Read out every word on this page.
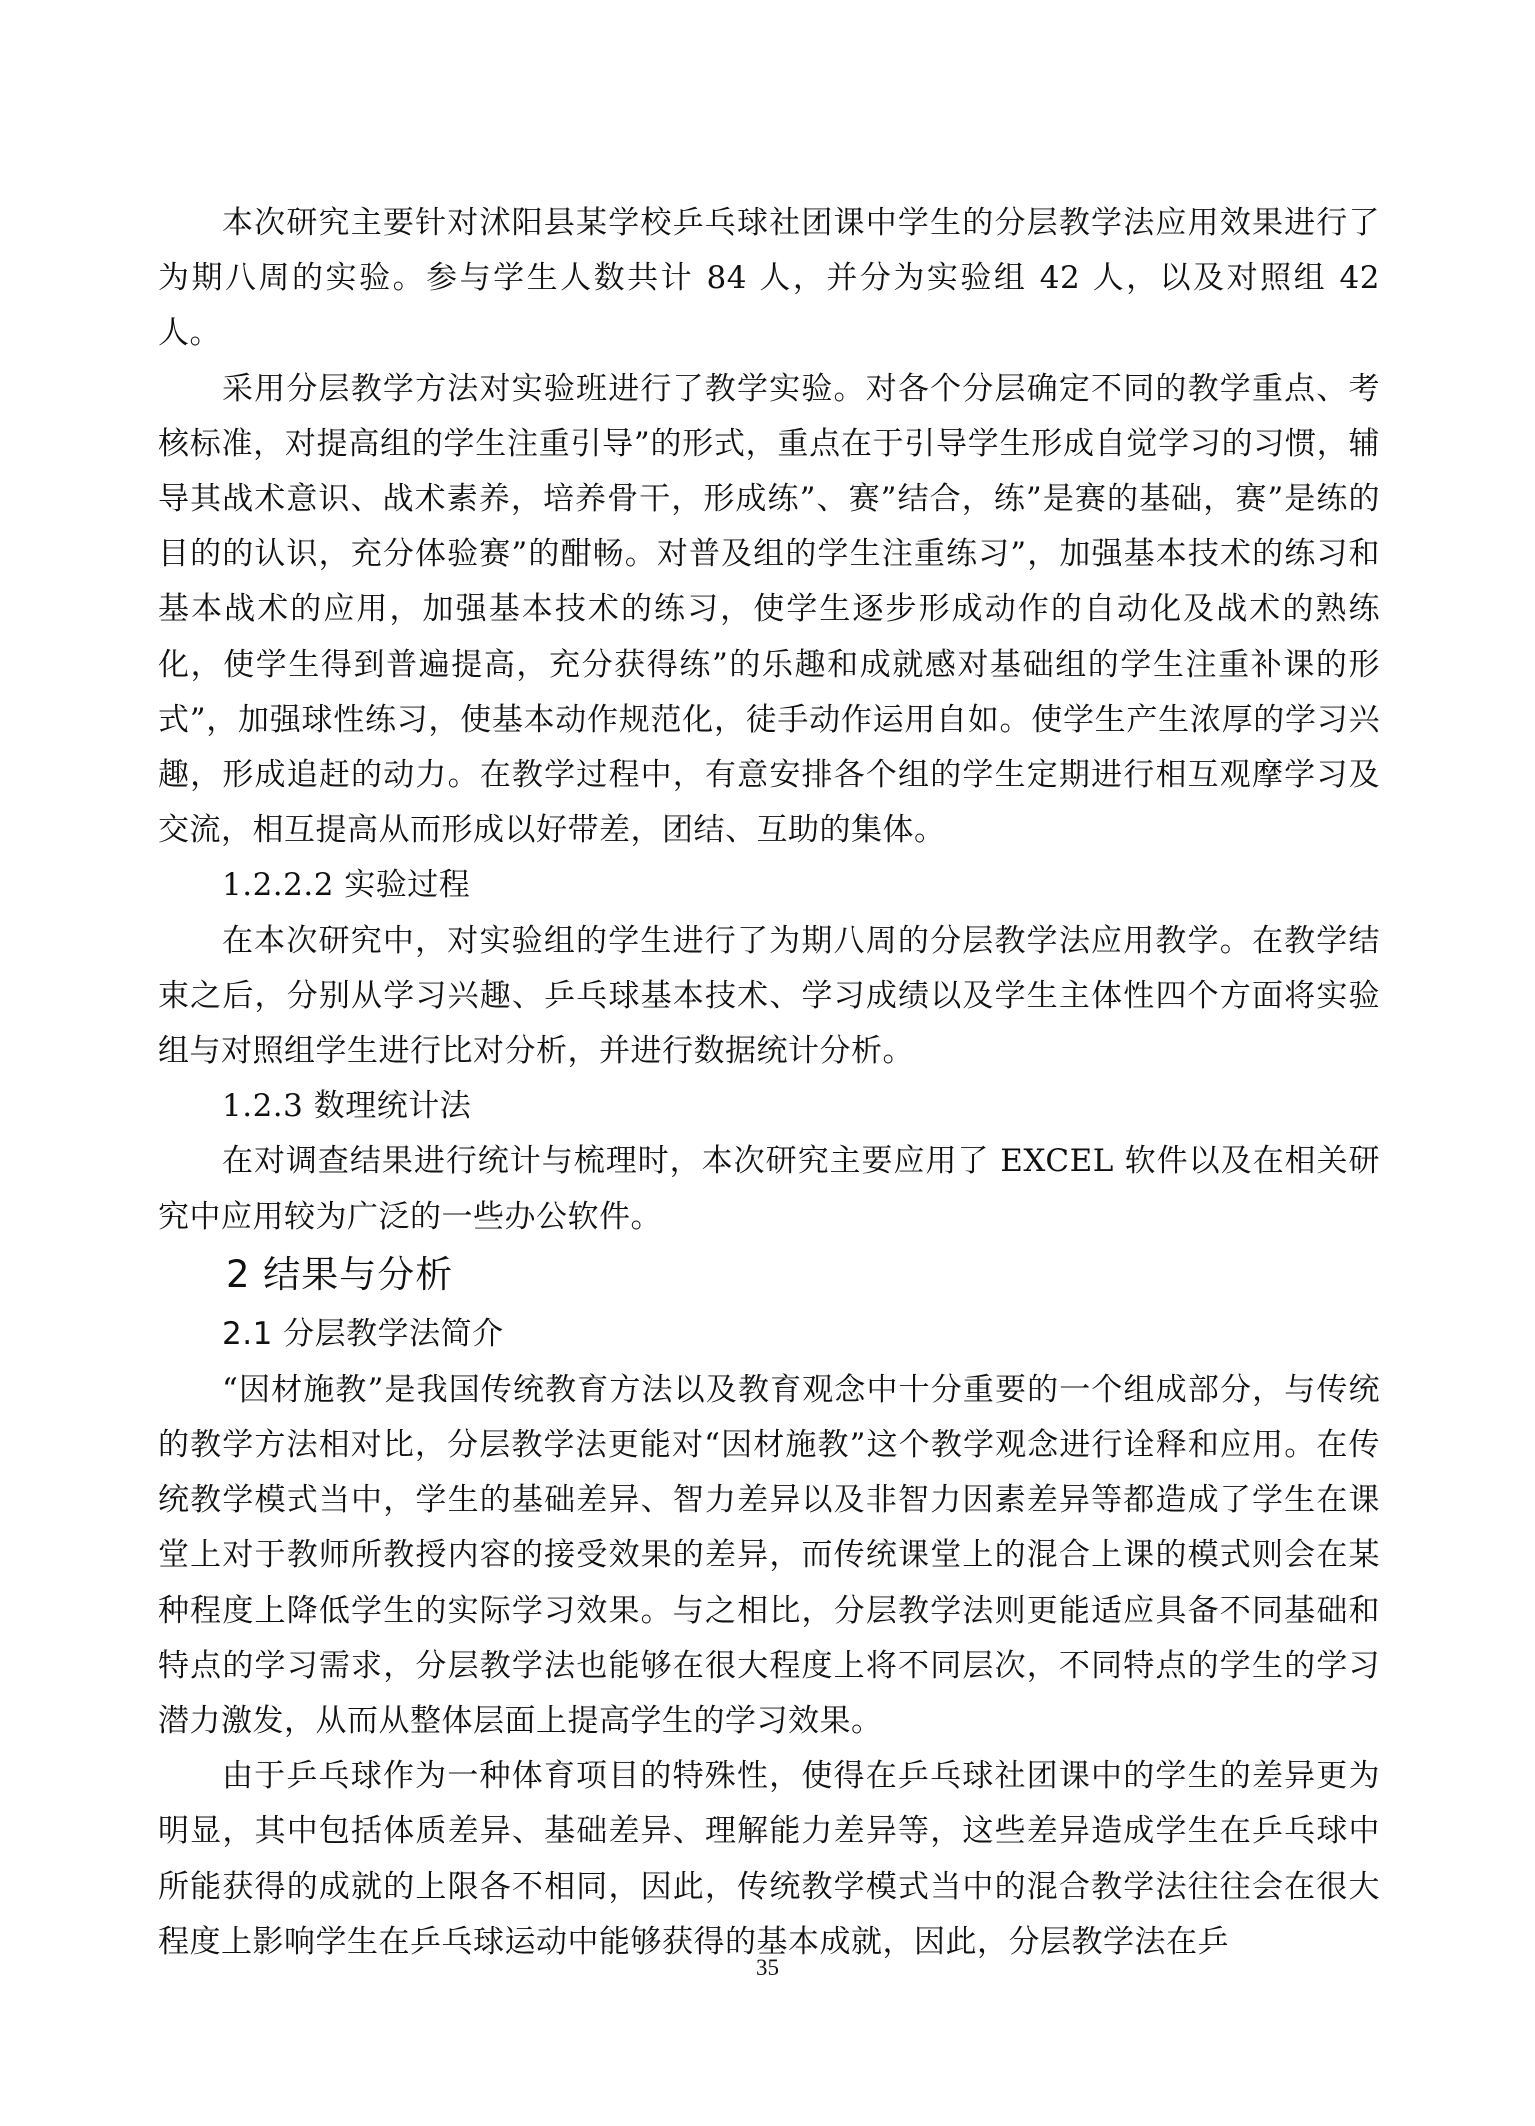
本次研究主要针对沭阳县某学校乒乓球社团课中学生的分层教学法应用效果进行了为期八周的实验。参与学生人数共计 84 人，并分为实验组 42 人，以及对照组 42 人。

采用分层教学方法对实验班进行了教学实验。对各个分层确定不同的教学重点、考核标准，对提高组的学生注重引导”的形式，重点在于引导学生形成自觉学习的习惯，辅导其战术意识、战术素养，培养骨干，形成练”、赛”结合，练”是赛的基础，赛”是练的目的的认识，充分体验赛”的酣畅。对普及组的学生注重练习”，加强基本技术的练习和基本战术的应用，加强基本技术的练习，使学生逐步形成动作的自动化及战术的熟练化，使学生得到普遍提高，充分获得练”的乐趣和成就感对基础组的学生注重补课的形式”，加强球性练习，使基本动作规范化，徒手动作运用自如。使学生产生浓厚的学习兴趣，形成追赶的动力。在教学过程中，有意安排各个组的学生定期进行相互观摩学习及交流，相互提高从而形成以好带差，团结、互助的集体。

1.2.2.2 实验过程

在本次研究中，对实验组的学生进行了为期八周的分层教学法应用教学。在教学结束之后，分别从学习兴趣、乒乓球基本技术、学习成绩以及学生主体性四个方面将实验组与对照组学生进行比对分析，并进行数据统计分析。

1.2.3 数理统计法

在对调查结果进行统计与梳理时，本次研究主要应用了 EXCEL 软件以及在相关研究中应用较为广泛的一些办公软件。

2 结果与分析
2.1 分层教学法简介

“因材施教”是我国传统教育方法以及教育观念中十分重要的一个组成部分，与传统的教学方法相对比，分层教学法更能对“因材施教”这个教学观念进行诠释和应用。在传统教学模式当中，学生的基础差异、智力差异以及非智力因素差异等都造成了学生在课堂上对于教师所教授内容的接受效果的差异，而传统课堂上的混合上课的模式则会在某种程度上降低学生的实际学习效果。与之相比，分层教学法则更能适应具备不同基础和特点的学习需求，分层教学法也能够在很大程度上将不同层次，不同特点的学生的学习潜力激发，从而从整体层面上提高学生的学习效果。

由于乒乓球作为一种体育项目的特殊性，使得在乒乓球社团课中的学生的差异更为明显，其中包括体质差异、基础差异、理解能力差异等，这些差异造成学生在乒乓球中所能获得的成就的上限各不相同，因此，传统教学模式当中的混合教学法往往会在很大程度上影响学生在乒乓球运动中能够获得的基本成就，因此，分层教学法在乒

35
